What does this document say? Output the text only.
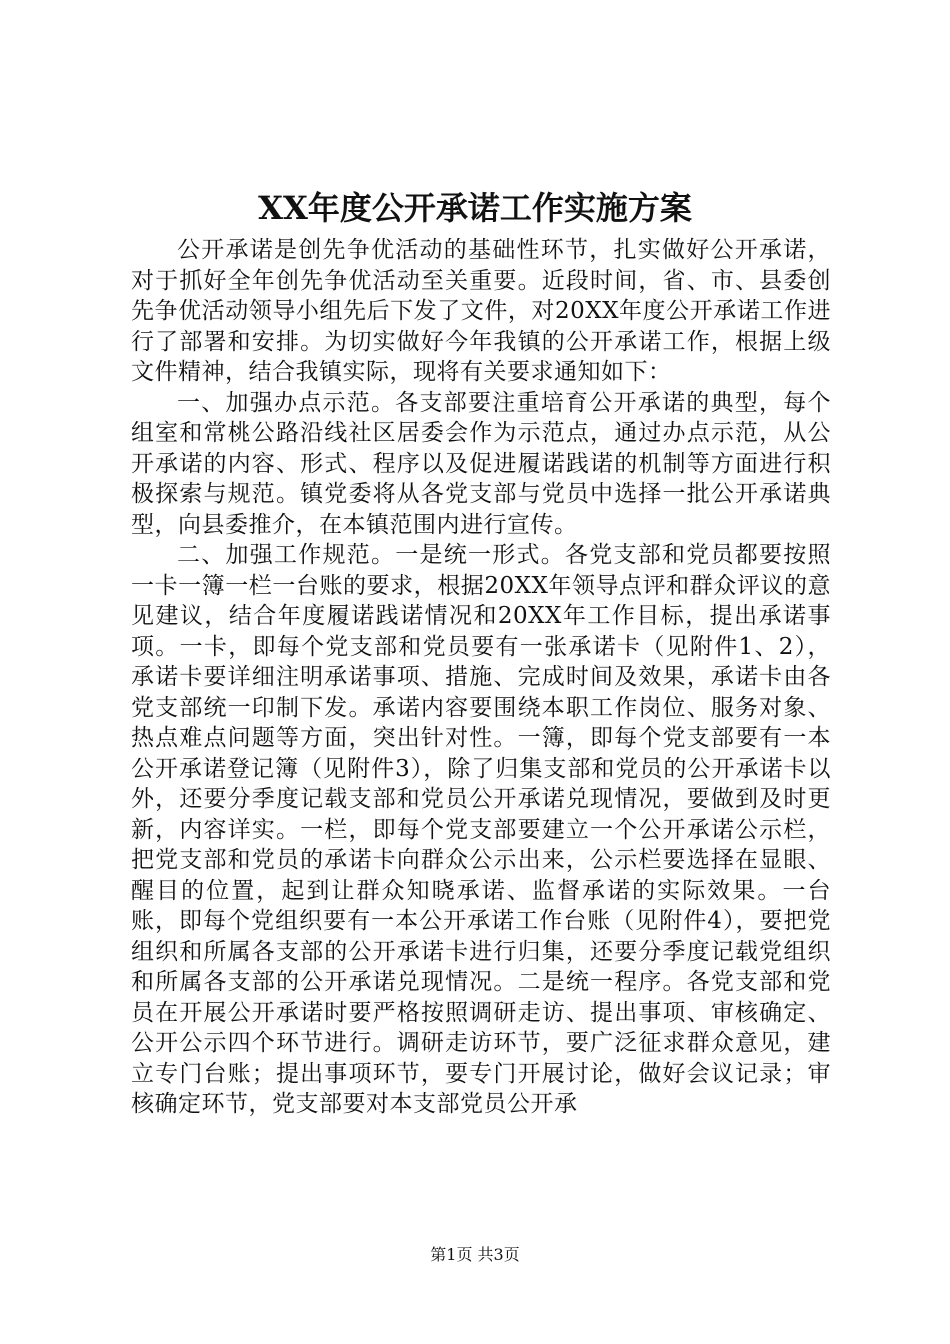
XX年度公开承诺工作实施方案

公开承诺是创先争优活动的基础性环节，扎实做好公开承诺，对于抓好全年创先争优活动至关重要。近段时间，省、市、县委创先争优活动领导小组先后下发了文件，对20XX年度公开承诺工作进行了部署和安排。为切实做好今年我镇的公开承诺工作，根据上级文件精神，结合我镇实际，现将有关要求通知如下：

一、加强办点示范。各支部要注重培育公开承诺的典型，每个组室和常桃公路沿线社区居委会作为示范点，通过办点示范，从公开承诺的内容、形式、程序以及促进履诺践诺的机制等方面进行积极探索与规范。镇党委将从各党支部与党员中选择一批公开承诺典型，向县委推介，在本镇范围内进行宣传。

二、加强工作规范。一是统一形式。各党支部和党员都要按照一卡一簿一栏一台账的要求，根据20XX年领导点评和群众评议的意见建议，结合年度履诺践诺情况和20XX年工作目标，提出承诺事项。一卡，即每个党支部和党员要有一张承诺卡（见附件1、2），承诺卡要详细注明承诺事项、措施、完成时间及效果，承诺卡由各党支部统一印制下发。承诺内容要围绕本职工作岗位、服务对象、热点难点问题等方面，突出针对性。一簿，即每个党支部要有一本公开承诺登记簿（见附件3），除了归集支部和党员的公开承诺卡以外，还要分季度记载支部和党员公开承诺兑现情况，要做到及时更新，内容详实。一栏，即每个党支部要建立一个公开承诺公示栏，把党支部和党员的承诺卡向群众公示出来，公示栏要选择在显眼、醒目的位置，起到让群众知晓承诺、监督承诺的实际效果。一台账，即每个党组织要有一本公开承诺工作台账（见附件4），要把党组织和所属各支部的公开承诺卡进行归集，还要分季度记载党组织和所属各支部的公开承诺兑现情况。二是统一程序。各党支部和党员在开展公开承诺时要严格按照调研走访、提出事项、审核确定、公开公示四个环节进行。调研走访环节，要广泛征求群众意见，建立专门台账；提出事项环节，要专门开展讨论，做好会议记录；审核确定环节，党支部要对本支部党员公开承

第1页 共3页
